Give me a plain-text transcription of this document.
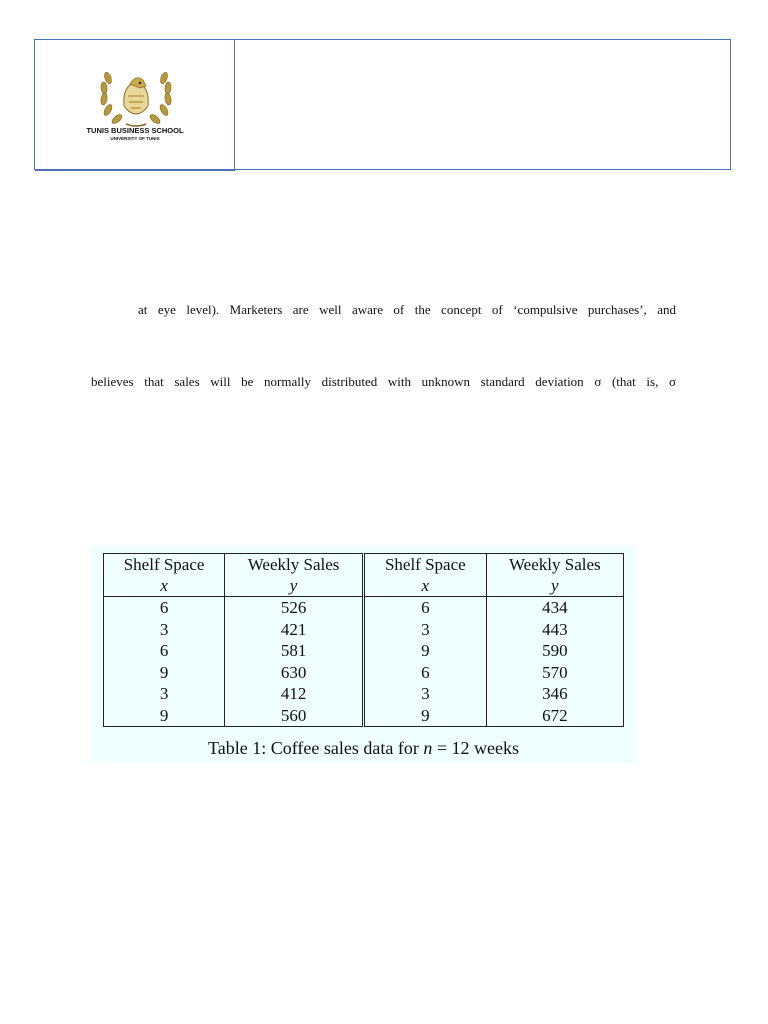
TUNIS BUSINESS SCHOOL
UNIVERSITY OF TUNIS
at eye level). Marketers are well aware of the concept of ‘compulsive purchases’, and
believes that sales will be normally distributed with unknown standard deviation σ (that is, σ
Shelf Space	Weekly Sales	Shelf Space	Weekly Sales
x	y	x	y
6	526	6	434
3	421	3	443
6	581	9	590
9	630	6	570
3	412	3	346
9	560	9	672
Table 1: Coffee sales data for n = 12 weeks
